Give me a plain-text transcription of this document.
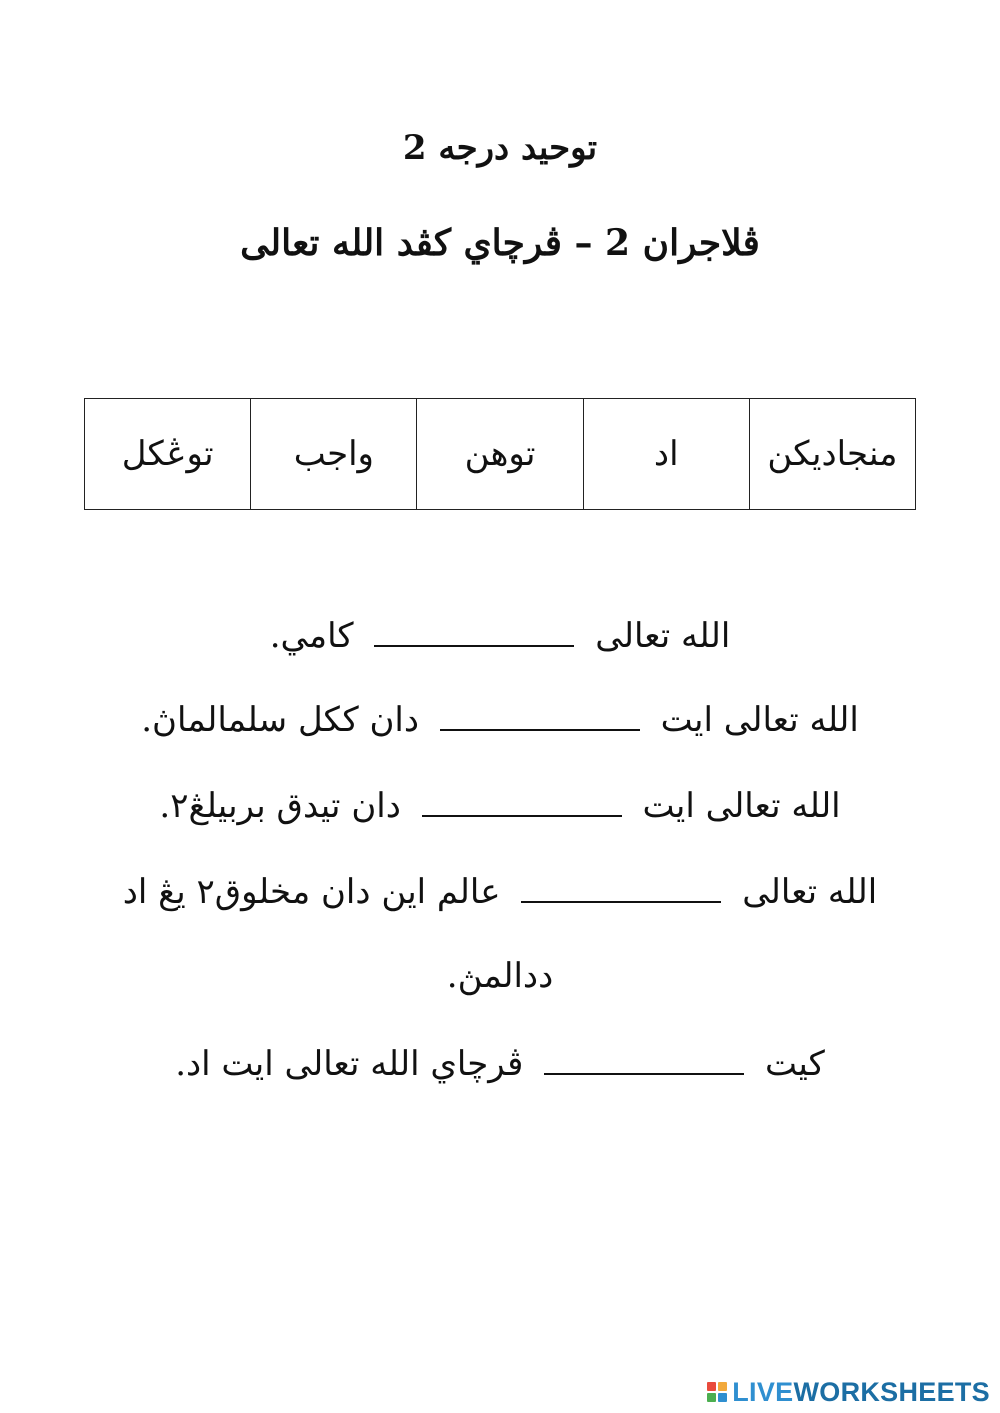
توحيد درجه 2
ڤلاجران 2 – ڤرچاي كڤد الله تعالى
منجاديكن	اد	توهن	واجب	توڠكل
الله تعالى  كامي.
الله تعالى ايت  دان ككل سلمالماڽ.
الله تعالى ايت  دان تيدق بربيلڠ٢.
الله تعالى  عالم اين دان مخلوق٢ يڠ اد
ددالمڽ.
كيت  ڤرچاي الله تعالى ايت اد.
LIVE WORKSHEETS
